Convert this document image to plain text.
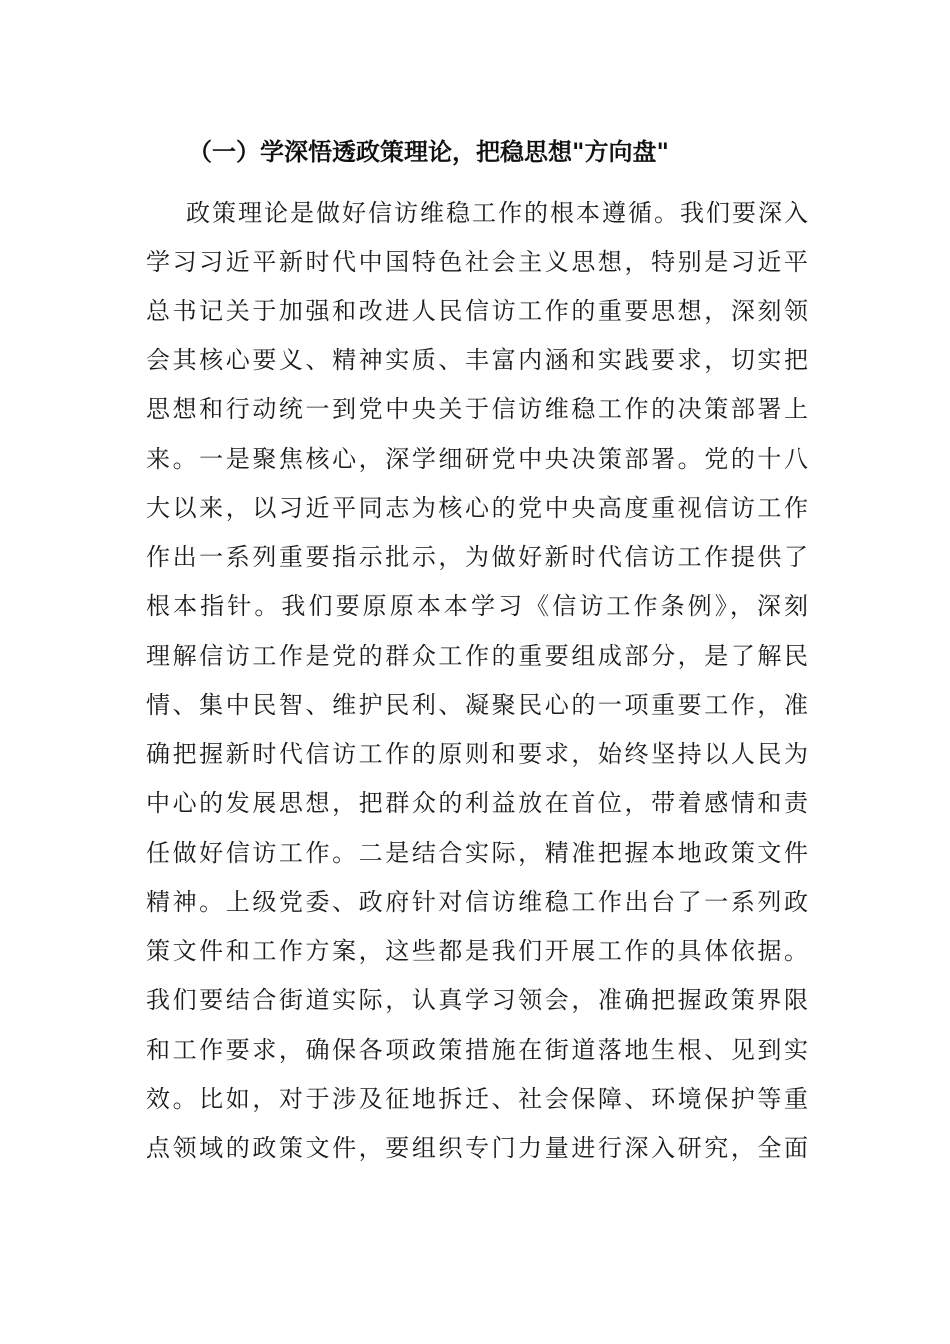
（一）学深悟透政策理论，把稳思想"方向盘"
政策理论是做好信访维稳工作的根本遵循。我们要深入
学习习近平新时代中国特色社会主义思想，特别是习近平
总书记关于加强和改进人民信访工作的重要思想，深刻领
会其核心要义、精神实质、丰富内涵和实践要求，切实把
思想和行动统一到党中央关于信访维稳工作的决策部署上
来。一是聚焦核心，深学细研党中央决策部署。党的十八
大以来，以习近平同志为核心的党中央高度重视信访工作
作出一系列重要指示批示，为做好新时代信访工作提供了
根本指针。我们要原原本本学习《信访工作条例》，深刻
理解信访工作是党的群众工作的重要组成部分，是了解民
情、集中民智、维护民利、凝聚民心的一项重要工作，准
确把握新时代信访工作的原则和要求，始终坚持以人民为
中心的发展思想，把群众的利益放在首位，带着感情和责
任做好信访工作。二是结合实际，精准把握本地政策文件
精神。上级党委、政府针对信访维稳工作出台了一系列政
策文件和工作方案，这些都是我们开展工作的具体依据。
我们要结合街道实际，认真学习领会，准确把握政策界限
和工作要求，确保各项政策措施在街道落地生根、见到实
效。比如，对于涉及征地拆迁、社会保障、环境保护等重
点领域的政策文件，要组织专门力量进行深入研究，全面
